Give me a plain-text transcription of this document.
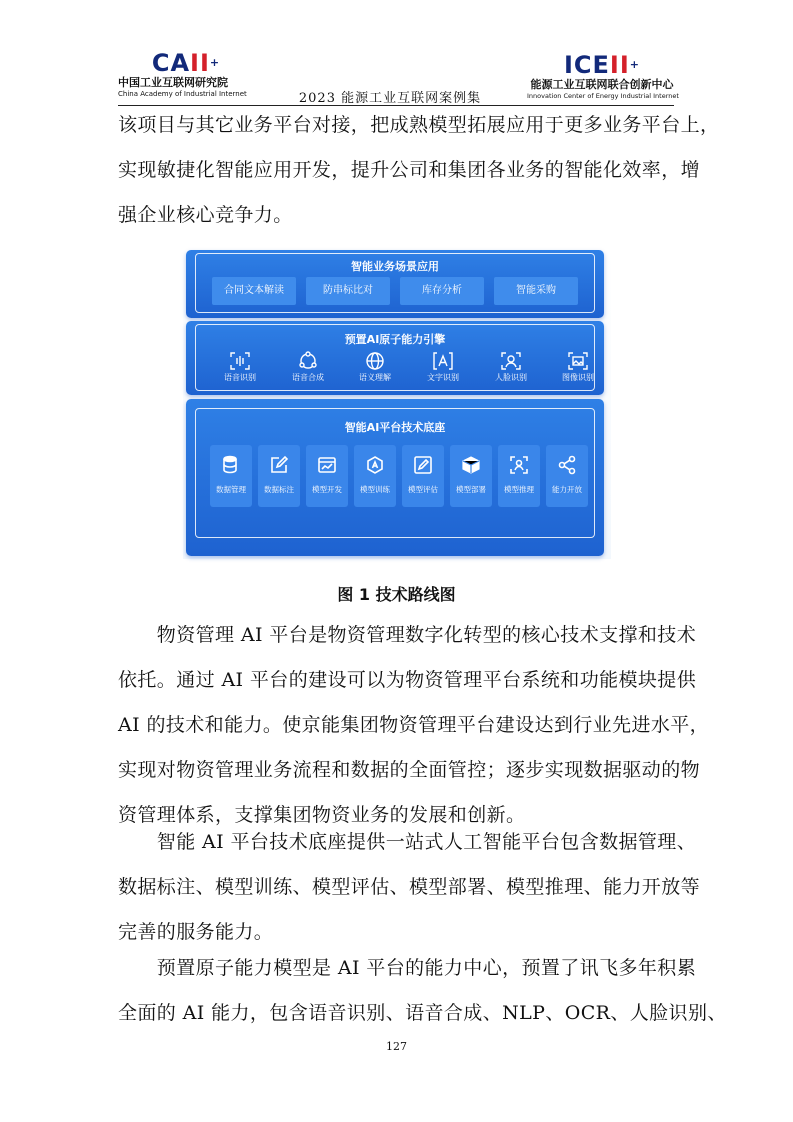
CAII+
中国工业互联网研究院
China Academy of Industrial Internet	2023 能源工业互联网案例集
ICEII+
能源工业互联网联合创新中心
Innovation Center of Energy Industrial Internet
该项目与其它业务平台对接，把成熟模型拓展应用于更多业务平台上，
实现敏捷化智能应用开发，提升公司和集团各业务的智能化效率，增
强企业核心竞争力。
智能业务场景应用
合同文本解读	防串标比对	库存分析	智能采购
预置AI原子能力引擎
语音识别	语音合成	语义理解	文字识别	人脸识别	图像识别
智能AI平台技术底座
数据管理	数据标注	模型开发	模型训练	模型评估	模型部署	模型推理	能力开放
图 1 技术路线图
　　物资管理 AI 平台是物资管理数字化转型的核心技术支撑和技术
依托。通过 AI 平台的建设可以为物资管理平台系统和功能模块提供
AI 的技术和能力。使京能集团物资管理平台建设达到行业先进水平，
实现对物资管理业务流程和数据的全面管控；逐步实现数据驱动的物
资管理体系，支撑集团物资业务的发展和创新。
　　智能 AI 平台技术底座提供一站式人工智能平台包含数据管理、
数据标注、模型训练、模型评估、模型部署、模型推理、能力开放等
完善的服务能力。
　　预置原子能力模型是 AI 平台的能力中心，预置了讯飞多年积累
全面的 AI 能力，包含语音识别、语音合成、NLP、OCR、人脸识别、
127
